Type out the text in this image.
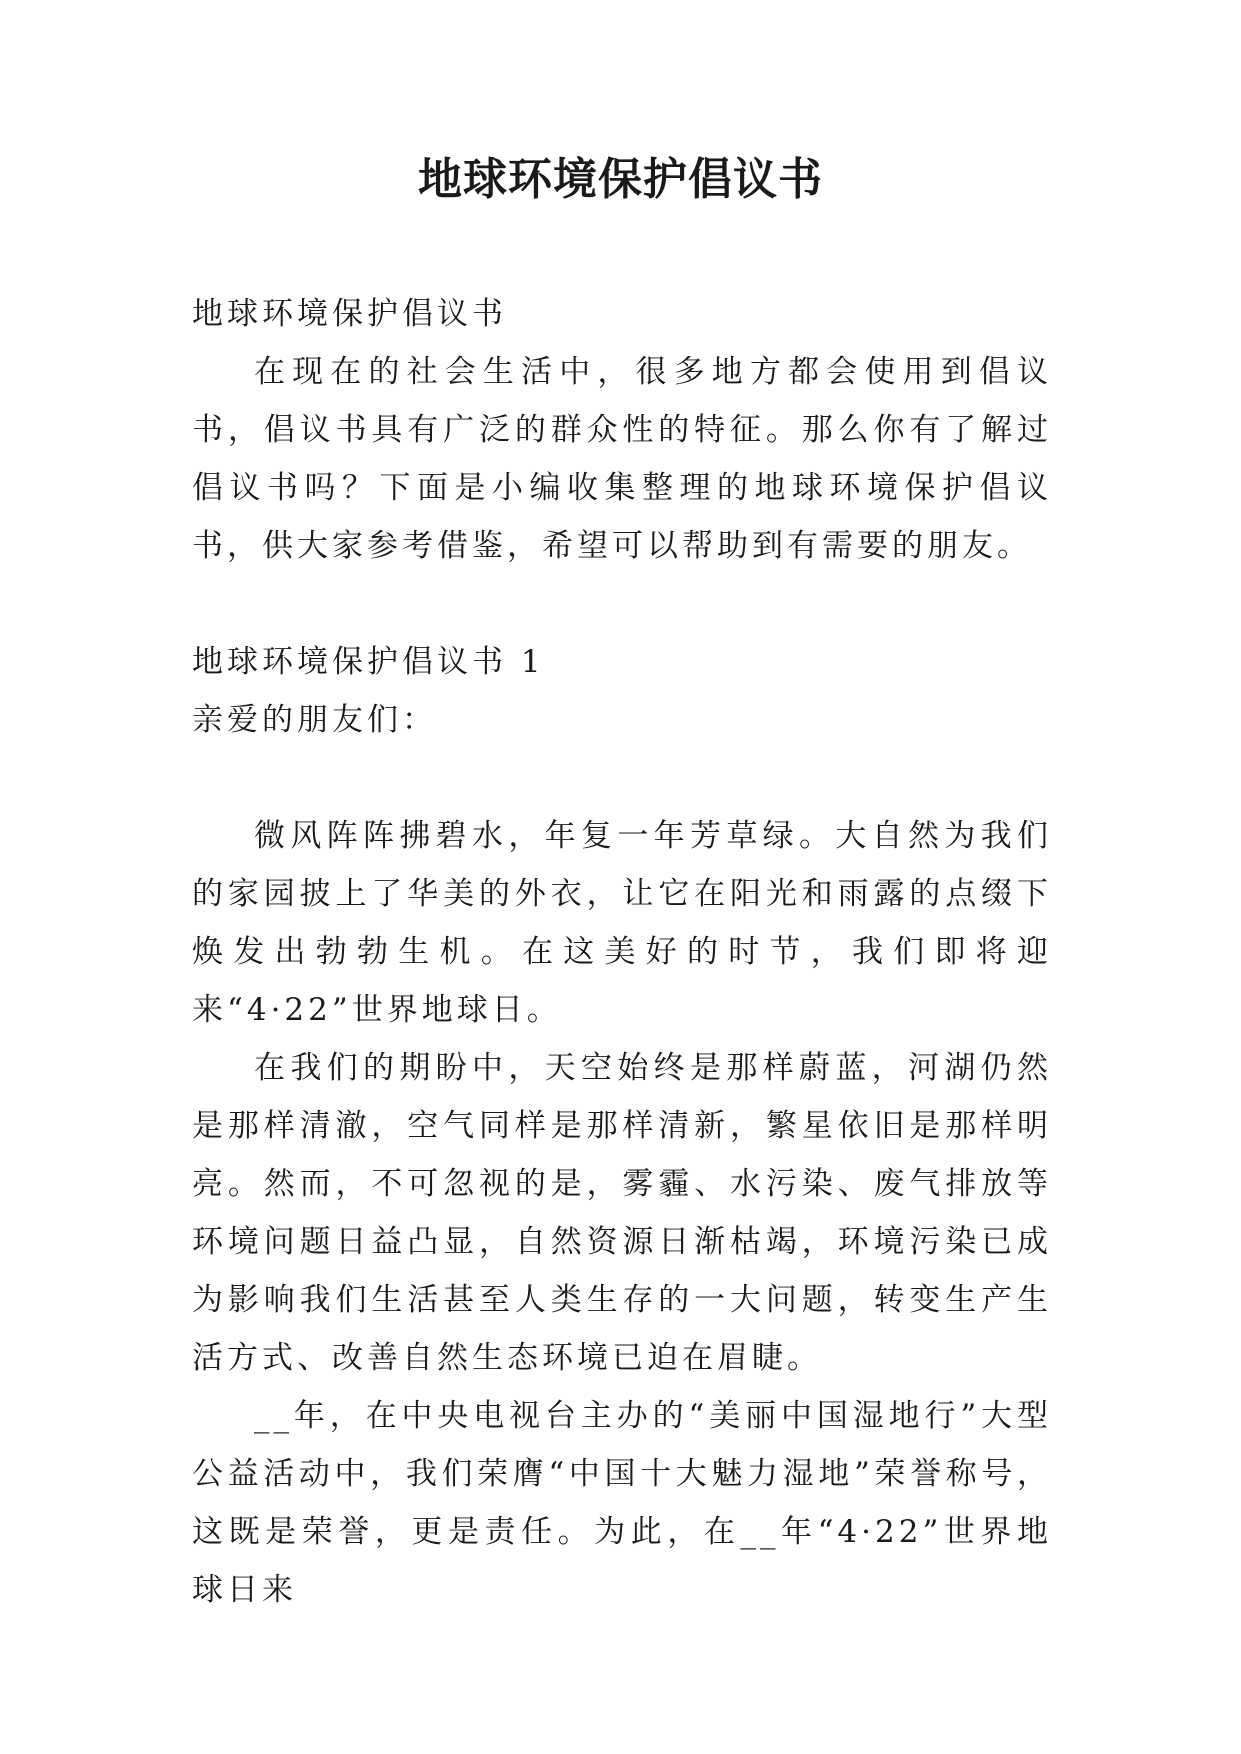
地球环境保护倡议书

地球环境保护倡议书

在现在的社会生活中，很多地方都会使用到倡议书，倡议书具有广泛的群众性的特征。那么你有了解过倡议书吗？下面是小编收集整理的地球环境保护倡议书，供大家参考借鉴，希望可以帮助到有需要的朋友。

地球环境保护倡议书 1

亲爱的朋友们：

微风阵阵拂碧水，年复一年芳草绿。大自然为我们的家园披上了华美的外衣，让它在阳光和雨露的点缀下焕发出勃勃生机。在这美好的时节，我们即将迎来“4·22”世界地球日。

在我们的期盼中，天空始终是那样蔚蓝，河湖仍然是那样清澈，空气同样是那样清新，繁星依旧是那样明亮。然而，不可忽视的是，雾霾、水污染、废气排放等环境问题日益凸显，自然资源日渐枯竭，环境污染已成为影响我们生活甚至人类生存的一大问题，转变生产生活方式、改善自然生态环境已迫在眉睫。

__年，在中央电视台主办的“美丽中国湿地行”大型公益活动中，我们荣膺“中国十大魅力湿地”荣誉称号，这既是荣誉，更是责任。为此，在__年“4·22”世界地球日来
